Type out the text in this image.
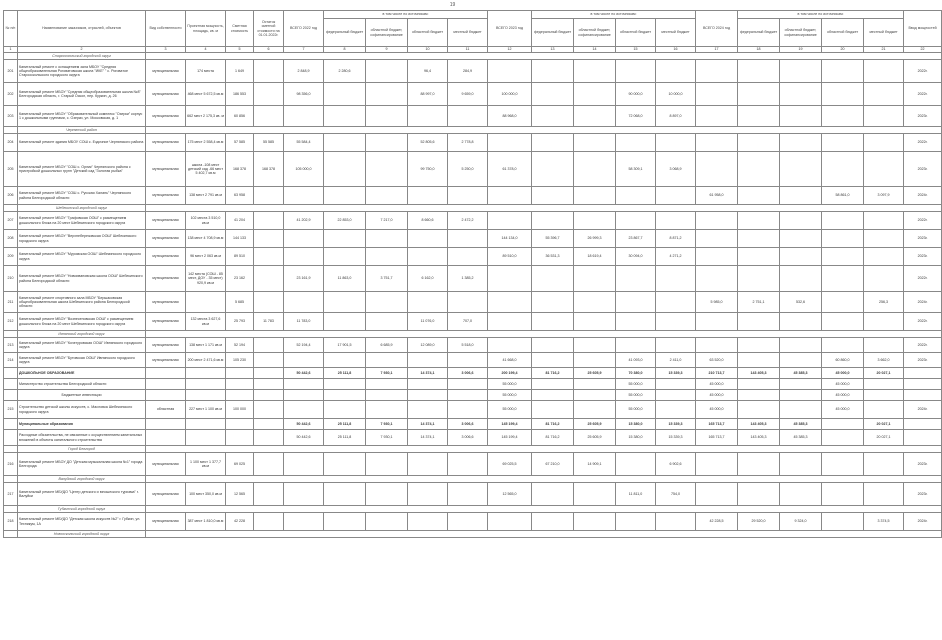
19
№ п/п	Наименование заказчиков, отраслей, объектов	Вид собственности	Проектная мощность, площадь, кв. м	Сметная стоимость	Остаток сметной стоимости на 01.01.2022г.	ВСЕГО 2022 год	в том числе по источникам:				ВСЕГО 2023 год	в том числе по источникам:				ВСЕГО 2024 год	в том числе по источникам:				Ввод мощностей
							федеральный бюджет	областной бюджет, софинансирование	областной бюджет	местный бюджет		федеральный бюджет	областной бюджет, софинансирование	областной бюджет	местный бюджет		федеральный бюджет	областной бюджет, софинансирование	областной бюджет	местный бюджет	
1	2	3	4	5	6	7	8	9	10	11	12	13	14	15	16	17	18	19	20	21	22
	Старооскольский городской округ																				
201	Капитальный ремонт с оснащением зала МБОУ "Средняя общеобразовательная Роговатовская школа "ИКЕ" " с. Роговатое Старооскольского городского округа	муниципальная	174 места	1 649		2 848,9	2 280,6		96,4	284,9											2022г.
202	Капитальный ремонт МБОУ "Средняя общеобразовательная школа №8" Белгородская область, г. Старый Оскол, пер. Куркин, д. 26	муниципальная	468 мест 5 672,5 кв.м	186 553		98 356,0			88 997,0	9 659,0	100 000,0			90 000,0	10 000,0						2022г.
203	Капитальный ремонт МБОУ "Образовательный комплекс "Озерки" корпус 1 с дошкольными группами, с. Озерки, ул. Московская, д. 1	муниципальная	662 мест 2 175,3 кв. м	60 856							88 968,0			72 068,0	8 897,0						2023г.
	Чернянский район																				
204	Капитальный ремонт здания МБОУ СОШ с. Ездочное Чернянского района	муниципальная	175 мест 2 558,4 кв.м	57 585	55 585	55 584,4			52 805,6	2 778,8											2022г.
205	Капитальный ремонт МБОУ "СОШ с. Орлик" Чернянского района с пристройкой дошкольных групп "Детский сад "Золотая рыбка"	муниципальная	школа -108 мест детский сад -66 мест 5 402,7 кв.м	168 378	168 378	105 000,0			99 750,0	5 250,0	61 378,0			58 309,1	3 068,9						2023г.
206	Капитальный ремонт МБОУ "СОШ с. Русская Халань" Чернянского района Белгородской области	муниципальная	138 мест 2 791 кв.м	63 958												61 958,0			58 861,0	3 097,9	2024г.
	Шебекинский городской округ																				
207	Капитальный ремонт МБОУ "Графовская ООШ" с размещением дошкольного блока на 20 мест Шебекинского городского округа	муниципальная	102 места 3 510,0 кв.м	41 204		41 202,9	22 853,0	7 217,0	8 660,6	2 472,2											2022г.
208	Капитальный ремонт МБОУ "Верхнеберезовская ООШ" Шебекинского городского округа	муниципальная	138 мест 4 708,9 кв.м	144 133							144 134,0	55 396,7	26 999,3	23 867,7	8 871,2						2023г.
209	Капитальный ремонт МБОУ "Муромская ООШ" Шебекинского городского округа	муниципальная	96 мест 2 063 кв.м	89 510							89 510,0	36 531,3	18 619,4	30 094,0	4 271,2						2023г.
210	Капитальный ремонт МБОУ "Новоивановская школа ООШ" Шебекинского района Белгородской области	муниципальная	142 места (СОШ - 85 мест, ДОУ - 35 мест) 920,9 кв.м	23 162		23 161,9	11 863,0	3 751,7	6 162,0	1 385,2											2022г.
211	Капитальный ремонт спортивного зала МБОУ "Бершаковская общеобразовательная школа Шебекинского района Белгородской области	муниципальная		5 685												5 985,0	2 751,1	532,6		256,3	2024г.
212	Капитальный ремонт МБОУ "Вознесеновская ООШ" с размещением дошкольного блока на 20 мест Шебекинского городского округа	муниципальная	132 места 3 627,6 кв.м	25 793	11 783	11 783,0			11 076,0	707,0											2022г.
	Ивнянский городской округ																				
213	Капитальный ремонт МБОУ "Кочегуровская ООШ" Ивнянского городского округа	муниципальная	138 мест 1 171 кв.м	52 194		52 194,4	17 901,5	6 685,9	12 089,0	5 518,0											2022г.
214	Капитальный ремонт МБОУ "Бутовская ООШ" Ивнянского городского округа	муниципальная	200 мест 2 471,6 кв.м	105 230							41 668,0			41 093,0	2 411,0	63 520,0			60 860,0	3 662,0	2023г.
	ДОШКОЛЬНОЕ ОБРАЗОВАНИЕ					50 442,6	25 111,8	7 930,1	14 374,1	3 006,6	200 199,4	81 716,2	25 605,9	70 380,0	15 339,3	210 713,7	143 405,3	45 385,3	45 000,0	20 027,1	
	Министерство строительства Белгородской области										55 000,0			55 000,0		45 000,0			45 000,0		
	Бюджетные инвестиции										55 000,0			55 000,0		45 000,0			45 000,0		
215	Строительство детской школы искусств, с. Масловка Шебекинского городского округа	областная	227 мест 1 100 кв.м	100 000							55 000,0			55 000,0		45 000,0			45 000,0		2024г.
	Муниципальные образования					50 442,6	25 111,8	7 930,1	14 374,1	3 006,6	145 199,4	81 716,2	25 605,9	15 380,0	15 339,3	165 713,7	143 405,3	45 385,3		20 027,1	
	Расходные обязательства, не связанные с осуществлением капитальных вложений в объекты капитального строительства					50 442,6	25 111,8	7 930,1	14 374,1	3 006,6	145 199,4	81 716,2	25 605,9	15 380,0	15 339,3	165 713,7	143 405,3	45 385,3		20 027,1	
	Город Белгород																				
216	Капитальный ремонт МБОУ ДО "Детская музыкальная школа №1" города Белгорода	муниципальная	1 100 мест 1 377,7 кв.м	69 025							69 025,5	67 210,0	14 909,1		6 902,6						2023г.
	Валуйский городской округ																				
217	Капитальный ремонт МБУДО "Центр детского и юношеского туризма" г. Валуйки	муниципальная	100 мест 350,0 кв.м	12 565							12 565,0			11 811,0	754,0						2023г.
	Губкинский городской округ																				
218	Капитальный ремонт МБУДО "Детская школа искусств №2" г. Губкин, ул. Техникум, 1А	муниципальная	387 мест 1 810,0 кв.м	42 228												42 228,5	29 520,0	9 324,0		3 374,5	2024г.
	Новооскольский городской округ																				
